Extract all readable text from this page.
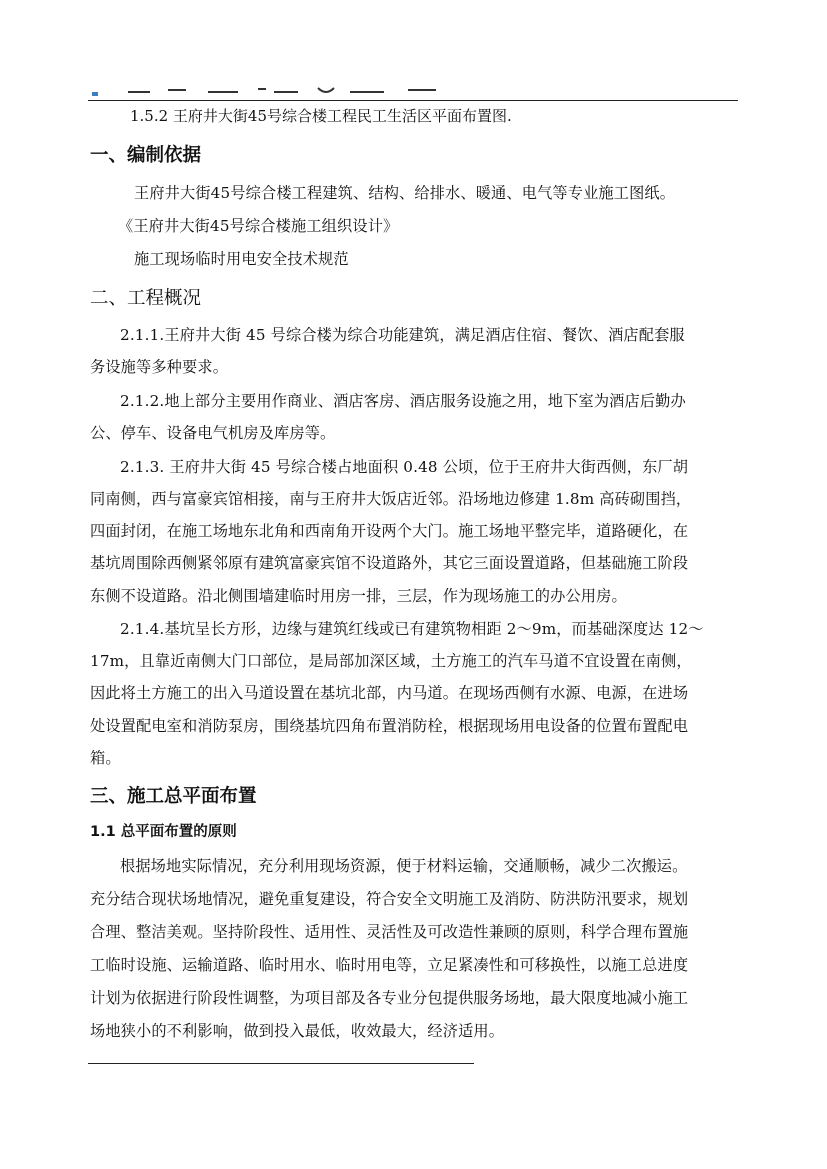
1.5.2 王府井大街45号综合楼工程民工生活区平面布置图.
一、编制依据
王府井大街45号综合楼工程建筑、结构、给排水、暖通、电气等专业施工图纸。
《王府井大街45号综合楼施工组织设计》
施工现场临时用电安全技术规范
二、工程概况
2.1.1.王府井大街 45 号综合楼为综合功能建筑，满足酒店住宿、餐饮、酒店配套服
务设施等多种要求。
2.1.2.地上部分主要用作商业、酒店客房、酒店服务设施之用，地下室为酒店后勤办
公、停车、设备电气机房及库房等。
2.1.3. 王府井大街 45 号综合楼占地面积 0.48 公顷，位于王府井大街西侧，东厂胡
同南侧，西与富豪宾馆相接，南与王府井大饭店近邻。沿场地边修建 1.8m 高砖砌围挡，
四面封闭，在施工场地东北角和西南角开设两个大门。施工场地平整完毕，道路硬化，在
基坑周围除西侧紧邻原有建筑富豪宾馆不设道路外，其它三面设置道路，但基础施工阶段
东侧不设道路。沿北侧围墙建临时用房一排，三层，作为现场施工的办公用房。
2.1.4.基坑呈长方形，边缘与建筑红线或已有建筑物相距 2～9m，而基础深度达 12～
17m，且靠近南侧大门口部位，是局部加深区域，土方施工的汽车马道不宜设置在南侧，
因此将土方施工的出入马道设置在基坑北部，内马道。在现场西侧有水源、电源，在进场
处设置配电室和消防泵房，围绕基坑四角布置消防栓，根据现场用电设备的位置布置配电
箱。
三、施工总平面布置
1.1 总平面布置的原则
根据场地实际情况，充分利用现场资源，便于材料运输，交通顺畅，减少二次搬运。
充分结合现状场地情况，避免重复建设，符合安全文明施工及消防、防洪防汛要求，规划
合理、整洁美观。坚持阶段性、适用性、灵活性及可改造性兼顾的原则，科学合理布置施
工临时设施、运输道路、临时用水、临时用电等，立足紧凑性和可移换性，以施工总进度
计划为依据进行阶段性调整，为项目部及各专业分包提供服务场地，最大限度地减小施工
场地狭小的不利影响，做到投入最低，收效最大，经济适用。
